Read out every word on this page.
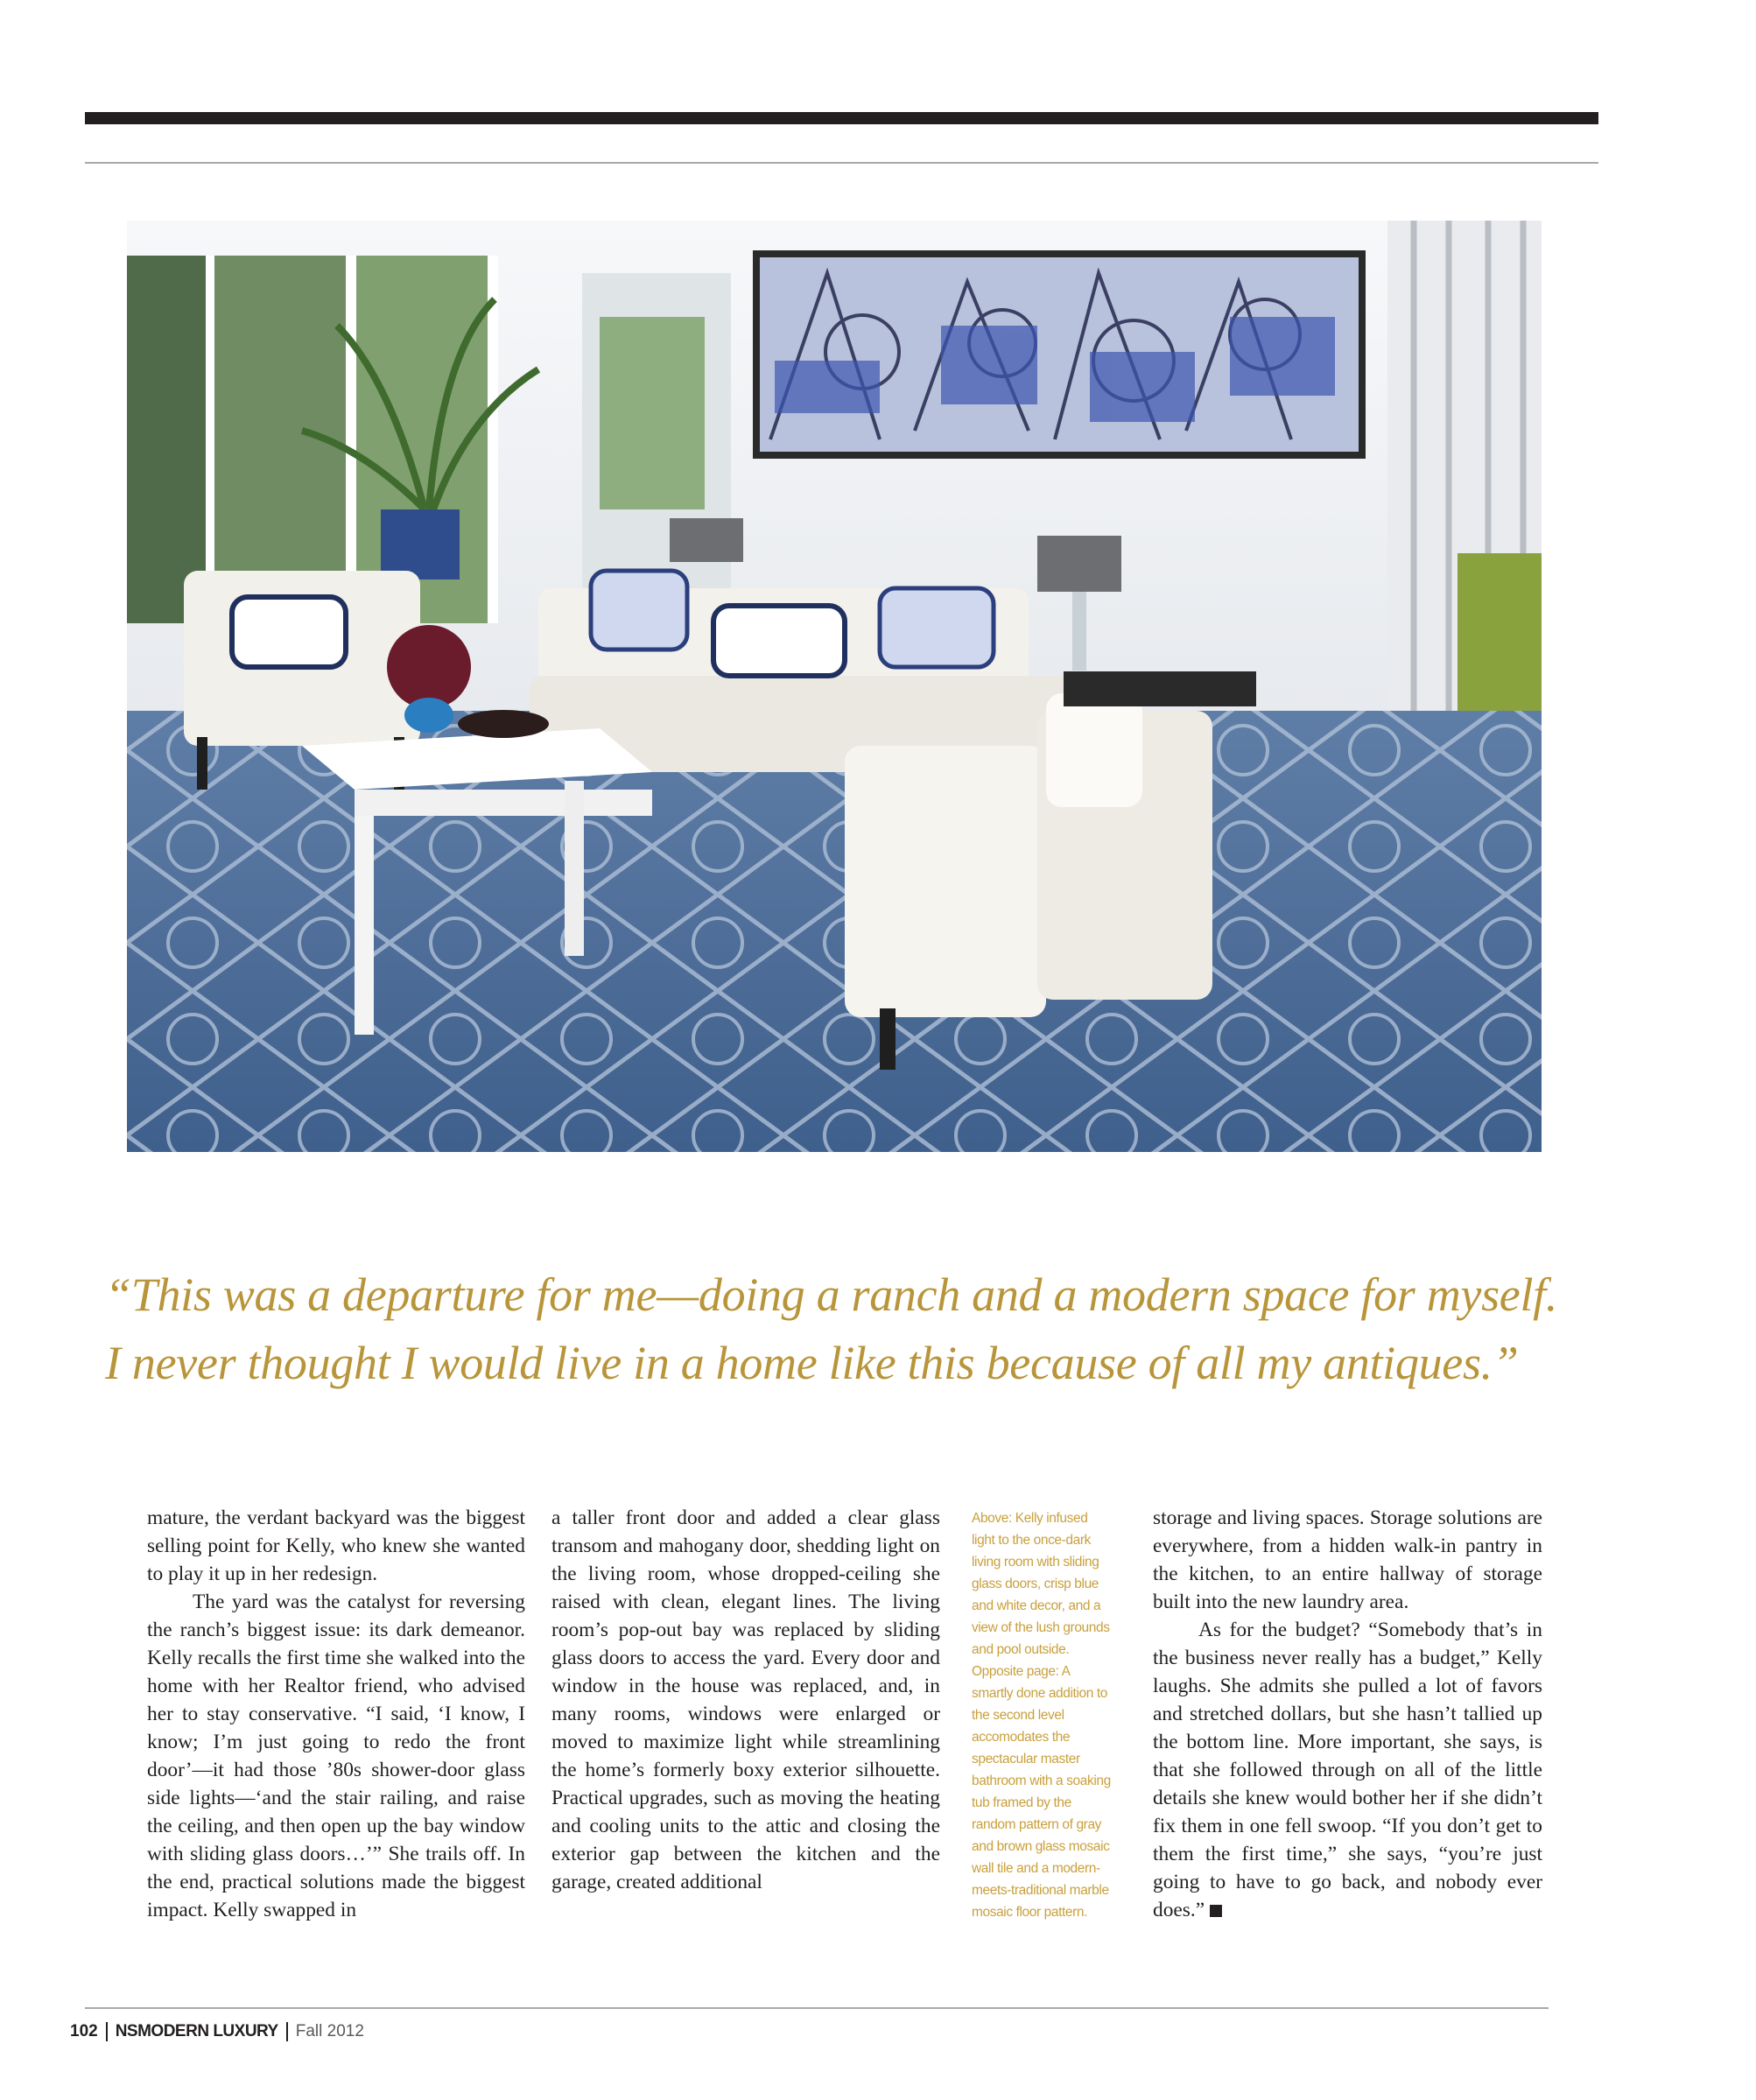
“This was a departure for me—doing a ranch and a modern space for myself.
I never thought I would live in a home like this because of all my antiques.”

mature, the verdant backyard was the biggest selling point for Kelly, who knew she wanted to play it up in her redesign.

The yard was the catalyst for reversing the ranch’s biggest issue: its dark demeanor. Kelly recalls the first time she walked into the home with her Realtor friend, who advised her to stay conservative. “I said, ‘I know, I know; I’m just going to redo the front door’—it had those ’80s shower-door glass side lights—‘and the stair railing, and raise the ceiling, and then open up the bay window with sliding glass doors…’” She trails off. In the end, practical solutions made the biggest impact. Kelly swapped in

a taller front door and added a clear glass transom and mahogany door, shedding light on the living room, whose dropped-ceiling she raised with clean, elegant lines. The living room’s pop-out bay was replaced by sliding glass doors to access the yard. Every door and window in the house was replaced, and, in many rooms, windows were enlarged or moved to maximize light while streamlining the home’s formerly boxy exterior silhouette. Practical upgrades, such as moving the heating and cooling units to the attic and closing the exterior gap between the kitchen and the garage, created additional

Above: Kelly infused light to the once-dark living room with sliding glass doors, crisp blue and white decor, and a view of the lush grounds and pool outside. Opposite page: A smartly done addition to the second level accomodates the spectacular master bathroom with a soaking tub framed by the random pattern of gray and brown glass mosaic wall tile and a modern-meets-traditional marble mosaic floor pattern.

storage and living spaces. Storage solutions are everywhere, from a hidden walk-in pantry in the kitchen, to an entire hallway of storage built into the new laundry area.

As for the budget? “Somebody that’s in the business never really has a budget,” Kelly laughs. She admits she pulled a lot of favors and stretched dollars, but she hasn’t tallied up the bottom line. More important, she says, is that she followed through on all of the little details she knew would bother her if she didn’t fix them in one fell swoop. “If you don’t get to them the first time,” she says, “you’re just going to have to go back, and nobody ever does.”

102 NSMODERN LUXURY Fall 2012
